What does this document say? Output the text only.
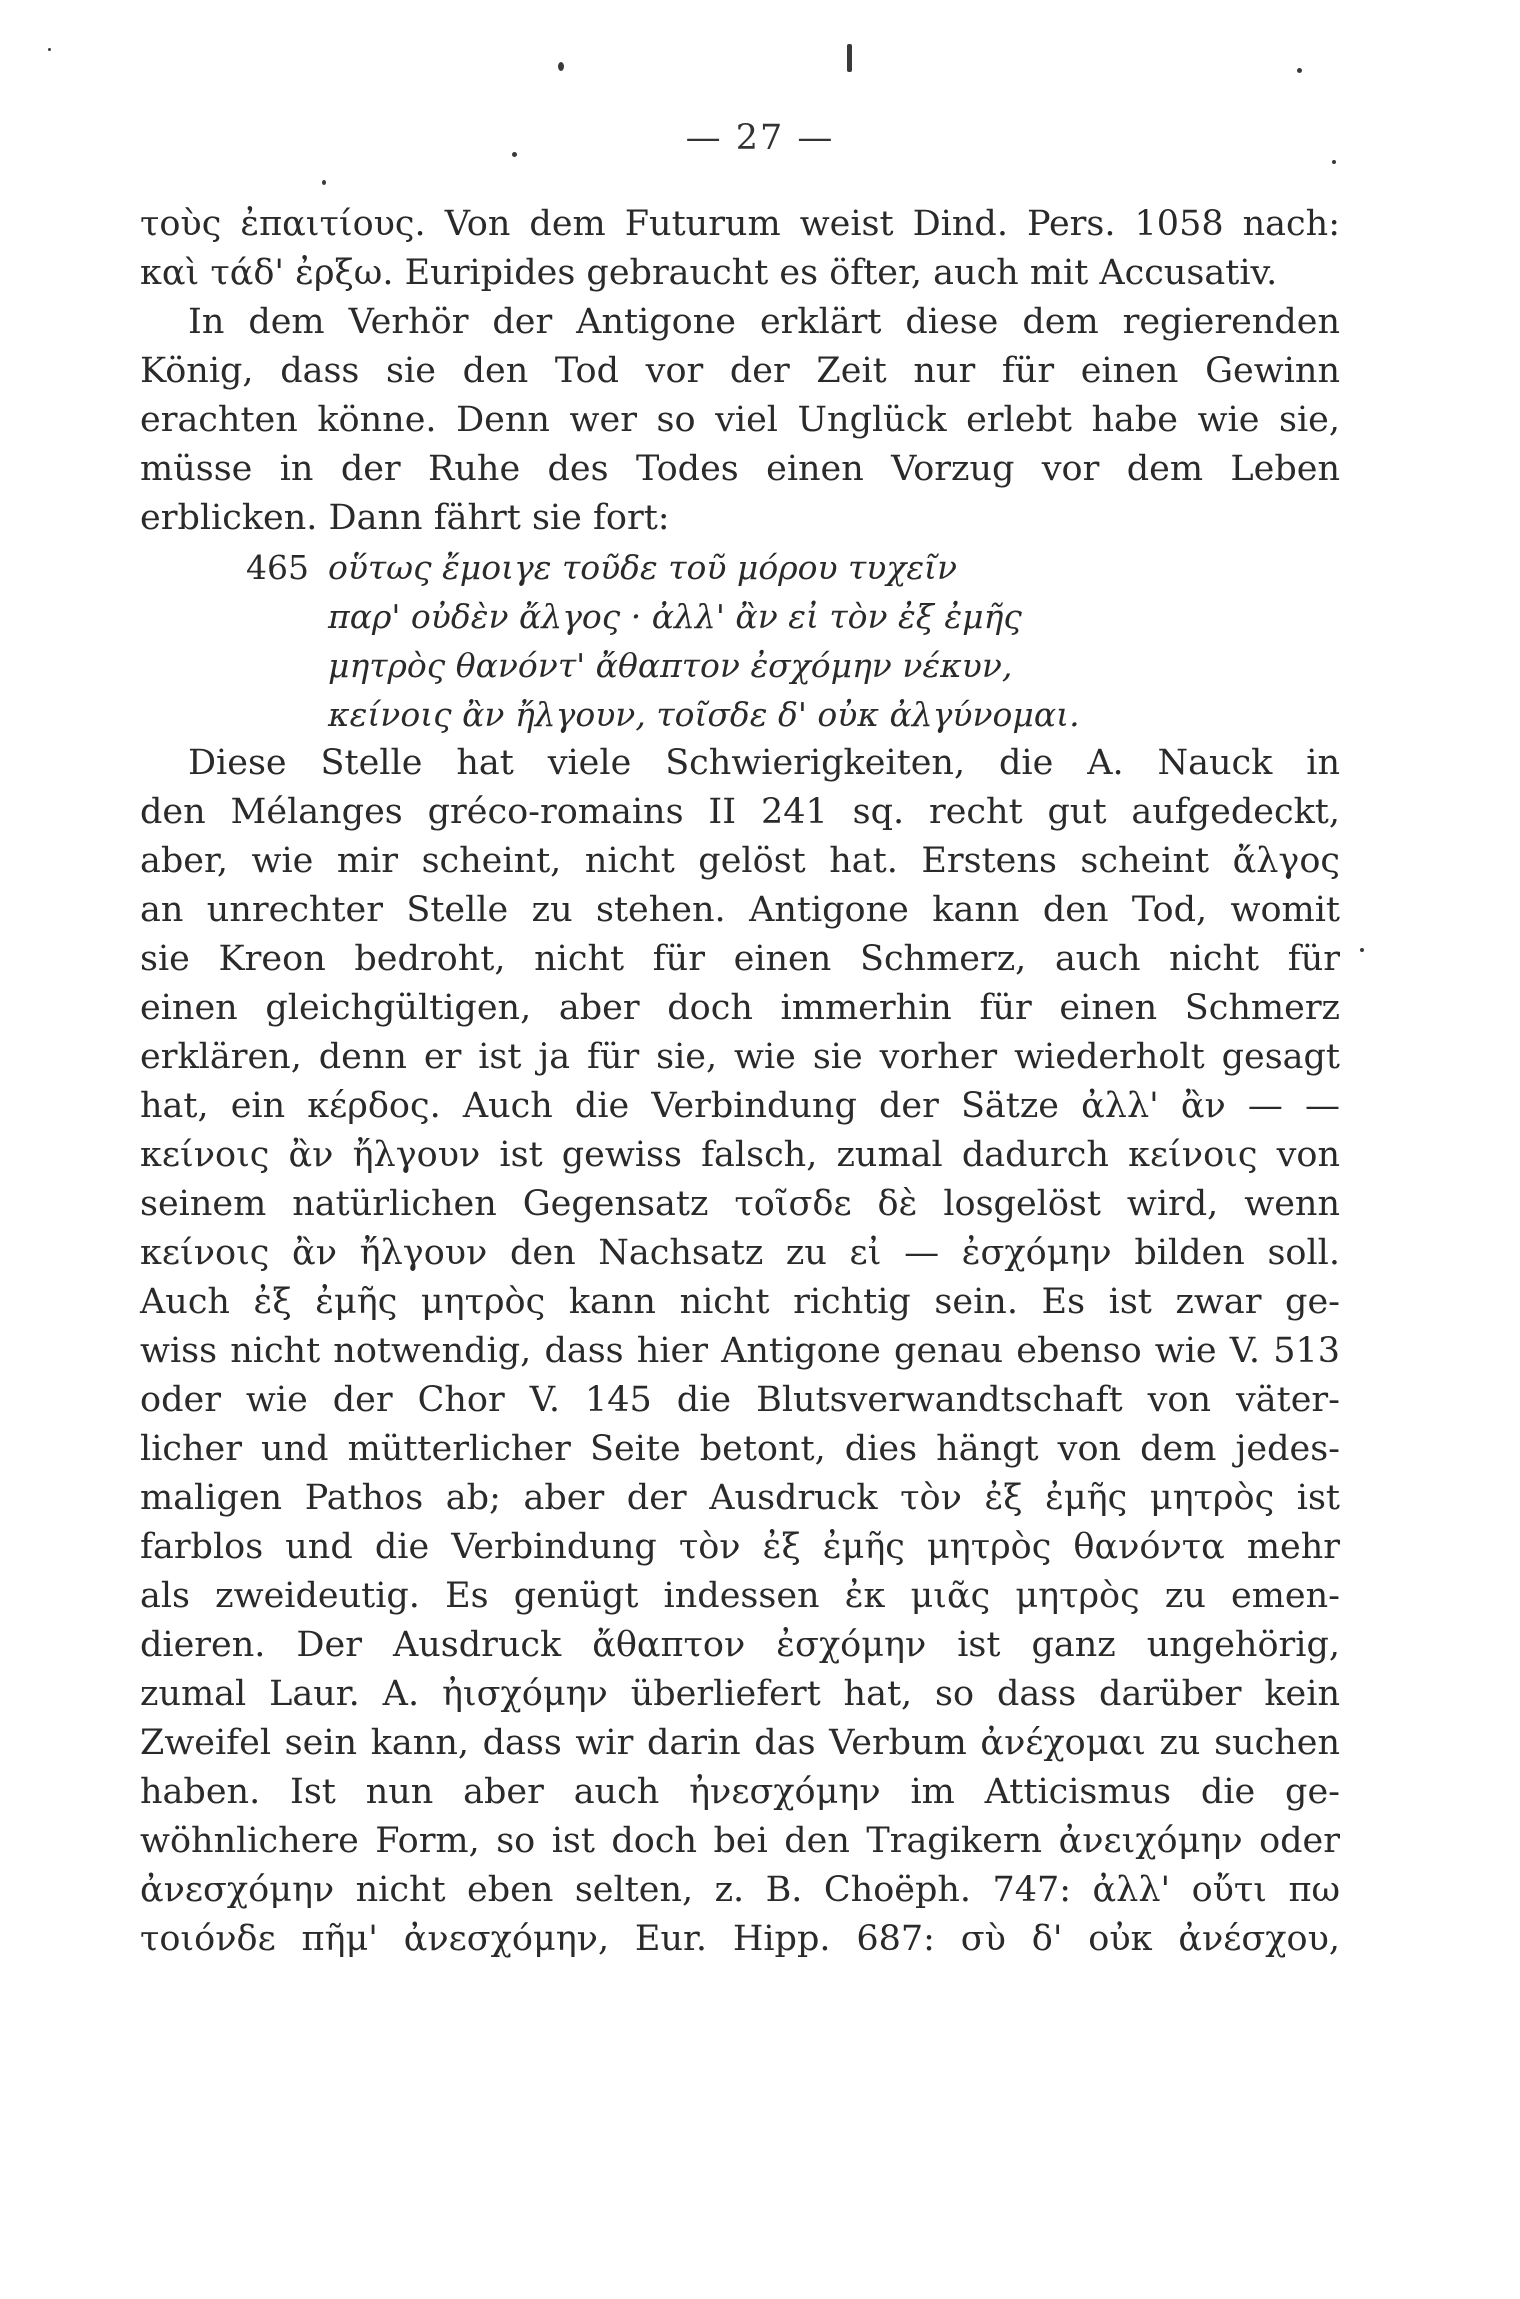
— 27 —
τοὺς ἐπαιτίους. Von dem Futurum weist Dind. Pers. 1058 nach:
καὶ τάδ' ἐρξω. Euripides gebraucht es öfter, auch mit Accusativ.
In dem Verhör der Antigone erklärt diese dem regierenden
König, dass sie den Tod vor der Zeit nur für einen Gewinn
erachten könne. Denn wer so viel Unglück erlebt habe wie sie,
müsse in der Ruhe des Todes einen Vorzug vor dem Leben
erblicken. Dann fährt sie fort:
465 οὕτως ἔμοιγε τοῦδε τοῦ μόρου τυχεῖν
παρ' οὐδὲν ἄλγος · ἀλλ' ἂν εἰ τὸν ἐξ ἐμῆς
μητρὸς θανόντ' ἄθαπτον ἐσχόμην νέκυν,
κείνοις ἂν ἤλγουν, τοῖσδε δ' οὐκ ἀλγύνομαι.
Diese Stelle hat viele Schwierigkeiten, die A. Nauck in
den Mélanges gréco-romains II 241 sq. recht gut aufgedeckt,
aber, wie mir scheint, nicht gelöst hat. Erstens scheint ἄλγος
an unrechter Stelle zu stehen. Antigone kann den Tod, womit
sie Kreon bedroht, nicht für einen Schmerz, auch nicht für
einen gleichgültigen, aber doch immerhin für einen Schmerz
erklären, denn er ist ja für sie, wie sie vorher wiederholt gesagt
hat, ein κέρδος. Auch die Verbindung der Sätze ἀλλ' ἂν — —
κείνοις ἂν ἤλγουν ist gewiss falsch, zumal dadurch κείνοις von
seinem natürlichen Gegensatz τοῖσδε δὲ losgelöst wird, wenn
κείνοις ἂν ἤλγουν den Nachsatz zu εἰ — ἐσχόμην bilden soll.
Auch ἐξ ἐμῆς μητρὸς kann nicht richtig sein. Es ist zwar ge-
wiss nicht notwendig, dass hier Antigone genau ebenso wie V. 513
oder wie der Chor V. 145 die Blutsverwandtschaft von väter-
licher und mütterlicher Seite betont, dies hängt von dem jedes-
maligen Pathos ab; aber der Ausdruck τὸν ἐξ ἐμῆς μητρὸς ist
farblos und die Verbindung τὸν ἐξ ἐμῆς μητρὸς θανόντα mehr
als zweideutig. Es genügt indessen ἐκ μιᾶς μητρὸς zu emen-
dieren. Der Ausdruck ἄθαπτον ἐσχόμην ist ganz ungehörig,
zumal Laur. A. ἠισχόμην überliefert hat, so dass darüber kein
Zweifel sein kann, dass wir darin das Verbum ἀνέχομαι zu suchen
haben. Ist nun aber auch ἠνεσχόμην im Atticismus die ge-
wöhnlichere Form, so ist doch bei den Tragikern ἀνειχόμην oder
ἀνεσχόμην nicht eben selten, z. B. Choëph. 747: ἀλλ' οὔτι πω
τοιόνδε πῆμ' ἀνεσχόμην, Eur. Hipp. 687: σὺ δ' οὐκ ἀνέσχου,
